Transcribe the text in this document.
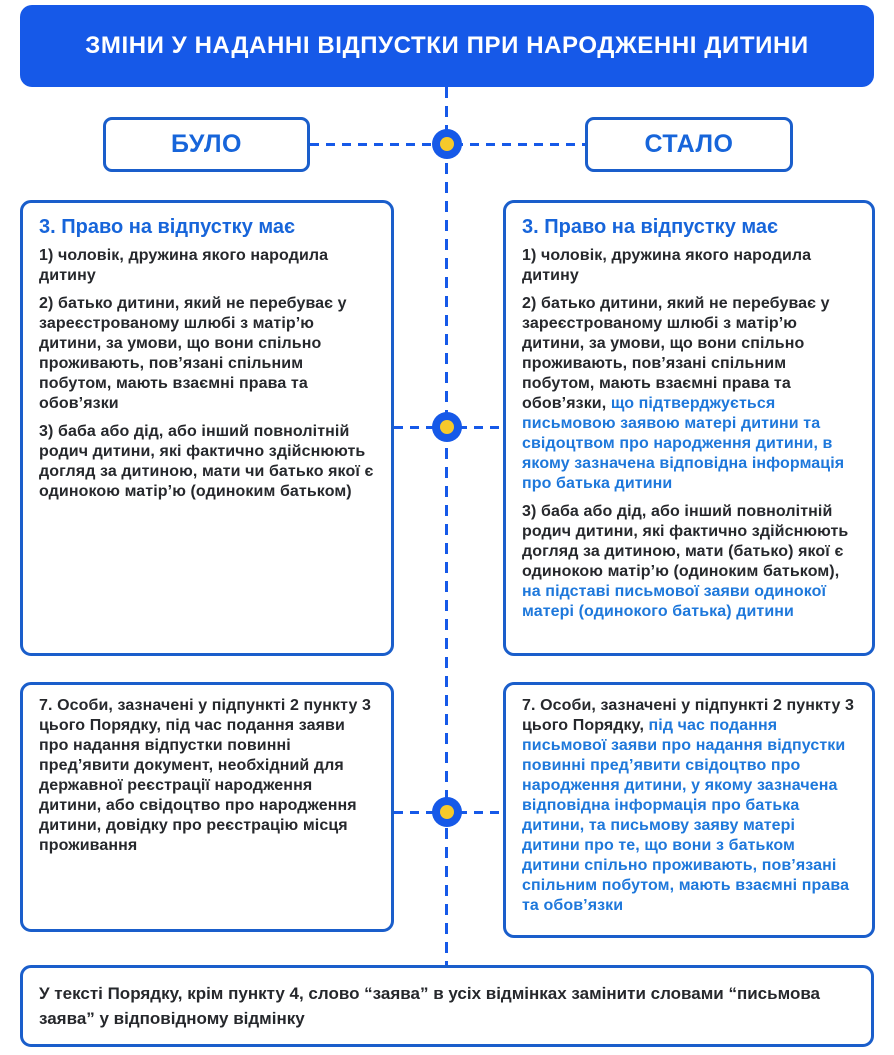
ЗМІНИ У НАДАННІ ВІДПУСТКИ ПРИ НАРОДЖЕННІ ДИТИНИ
БУЛО	СТАЛО
3. Право на відпустку має

1) чоловік, дружина якого народила дитину

2) батько дитини, який не перебуває у зареєстрованому шлюбі з матір’ю дитини, за умови, що вони спільно проживають, пов’язані спільним побутом, мають взаємні права та обов’язки

3) баба або дід, або інший повнолітній родич дитини, які фактично здійснюють догляд за дитиною, мати чи батько якої є одинокою матір’ю (одиноким батьком)

3. Право на відпустку має

1) чоловік, дружина якого народила дитину

2) батько дитини, який не перебуває у зареєстрованому шлюбі з матір’ю дитини, за умови, що вони спільно проживають, пов’язані спільним побутом, мають взаємні права та обов’язки, що підтверджується письмовою заявою матері дитини та свідоцтвом про народження дитини, в якому зазначена відповідна інформація про батька дитини

3) баба або дід, або інший повнолітній родич дитини, які фактично здійснюють догляд за дитиною, мати (батько) якої є одинокою матір’ю (одиноким батьком), на підставі письмової заяви одинокої матері (одинокого батька) дитини

7. Особи, зазначені у підпункті 2 пункту 3 цього Порядку, під час подання заяви про надання відпустки повинні пред’явити документ, необхідний для державної реєстрації народження дитини, або свідоцтво про народження дитини, довідку про реєстрацію місця проживання

7. Особи, зазначені у підпункті 2 пункту 3 цього Порядку, під час подання письмової заяви про надання відпустки повинні пред’явити свідоцтво про народження дитини, у якому зазначена відповідна інформація про батька дитини, та письмову заяву матері дитини про те, що вони з батьком дитини спільно проживають, пов’язані спільним побутом, мають взаємні права та обов’язки

У тексті Порядку, крім пункту 4, слово “заява” в усіх відмінках замінити словами “письмова заява” у відповідному відмінку
